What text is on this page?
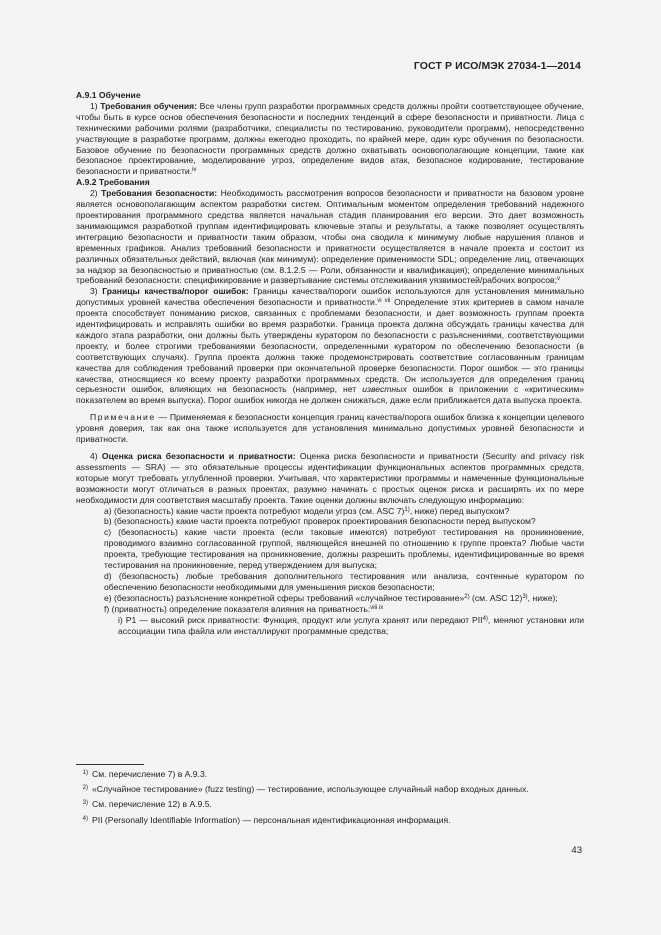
ГОСТ Р ИСО/МЭК 27034-1—2014

А.9.1 Обучение

1) Требования обучения: Все члены групп разработки программных средств должны пройти соответствующее обучение, чтобы быть в курсе основ обеспечения безопасности и последних тенденций в сфере безопасности и приватности. Лица с техническими рабочими ролями (разработчики, специалисты по тестированию, руководители программ), непосредственно участвующие в разработке программ, должны ежегодно проходить, по крайней мере, один курс обучения по безопасности. Базовое обучение по безопасности программных средств должно охватывать основополагающие концепции, такие как безопасное проектирование, моделирование угроз, определение видов атак, безопасное кодирование, тестирование безопасности и приватности.$^{iv}$

А.9.2 Требования

2) Требования безопасности: Необходимость рассмотрения вопросов безопасности и приватности на базовом уровне является основополагающим аспектом разработки систем. Оптимальным моментом определения требований надежного проектирования программного средства является начальная стадия планирования его версии. Это дает возможность занимающимся разработкой группам идентифицировать ключевые этапы и результаты, а также позволяет осуществлять интеграцию безопасности и приватности таким образом, чтобы она сводила к минимуму любые нарушения планов и временных графиков. Анализ требований безопасности и приватности осуществляется в начале проекта и состоит из различных обязательных действий, включая (как минимум): определение применимости SDL; определение лиц, отвечающих за надзор за безопасностью и приватностью (см. 8.1.2.5 — Роли, обязанности и квалификация); определение минимальных требований безопасности: спецификирование и развертывание системы отслеживания уязвимостей/рабочих вопросов;$^v$

3) Границы качества/порог ошибок: Границы качества/пороги ошибок используются для установления минимально допустимых уровней качества обеспечения безопасности и приватности.$^{vi vii}$ Определение этих критериев в самом начале проекта способствует пониманию рисков, связанных с проблемами безопасности, и дает возможность группам проекта идентифицировать и исправлять ошибки во время разработки. Граница проекта должна обсуждать границы качества для каждого этапа разработки, они должны быть утверждены куратором по безопасности с разъяснениями, соответствующими проекту, и более строгими требованиями безопасности, определенными куратором по обеспечению безопасности (в соответствующих случаях). Группа проекта должна также продемонстрировать соответствие согласованным границам качества для соблюдения требований проверки при окончательной проверке безопасности. Порог ошибок — это границы качества, относящиеся ко всему проекту разработки программных средств. Он используется для определения границ серьезности ошибок, влияющих на безопасность (например, нет известных ошибок в приложении с «критическим» показателем во время выпуска). Порог ошибок никогда не должен снижаться, даже если приближается дата выпуска проекта.

Примечание — Применяемая к безопасности концепция границ качества/порога ошибок близка к концепции целевого уровня доверия, так как она также используется для установления минимально допустимых уровней безопасности и приватности.

4) Оценка риска безопасности и приватности: Оценка риска безопасности и приватности (Security and privacy risk assessments — SRA) — это обязательные процессы идентификации функциональных аспектов программных средств, которые могут требовать углубленной проверки. Учитывая, что характеристики программы и намеченные функциональные возможности могут отличаться в разных проектах, разумно начинать с простых оценок риска и расширять их по мере необходимости для соответствия масштабу проекта. Такие оценки должны включать следующую информацию:

a) (безопасность) какие части проекта потребуют модели угроз (см. ASC 7)$^{1)}$, ниже) перед выпуском?

b) (безопасность) какие части проекта потребуют проверок проектирования безопасности перед выпуском?

c) (безопасность) какие части проекта (если таковые имеются) потребуют тестирования на проникновение, проводимого взаимно согласованной группой, являющейся внешней по отношению к группе проекта? Любые части проекта, требующие тестирования на проникновение, должны разрешить проблемы, идентифицированные во время тестирования на проникновение, перед утверждением для выпуска;

d) (безопасность) любые требования дополнительного тестирования или анализа, сочтенные куратором по обеспечению безопасности необходимыми для уменьшения рисков безопасности;

e) (безопасность) разъяснение конкретной сферы требований «случайное тестирование»$^{2)}$ (см. ASC 12)$^{3)}$, ниже);

f) (приватность) определение показателя влияния на приватность:$^{viii ix}$

i) P1 — высокий риск приватности: Функция, продукт или услуга хранят или передают PII$^{4)}$, меняют установки или ассоциации типа файла или инсталлируют программные средства;

$^{1)}$ См. перечисление 7) в А.9.3.

$^{2)}$ «Случайное тестирование» (fuzz testing) — тестирование, использующее случайный набор входных данных.

$^{3)}$ См. перечисление 12) в А.9.5.

$^{4)}$ PII (Personally Identifiable Information) — персональная идентификационная информация.

43
